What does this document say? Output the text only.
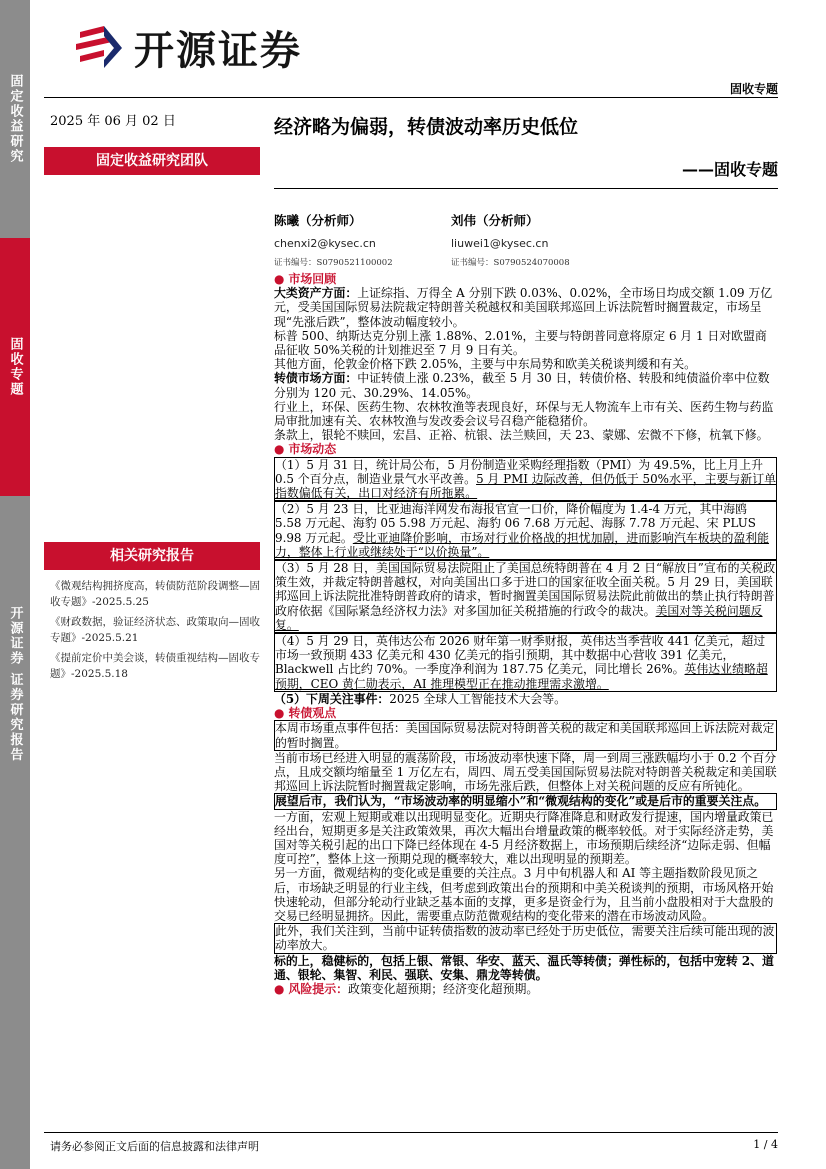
固定收益研究
固收专题
开源证券 证券研究报告
开源证券
固收专题
2025 年 06 月 02 日
固定收益研究团队
经济略为偏弱，转债波动率历史低位
——固收专题
陈曦（分析师）
chenxi2@kysec.cn
证书编号：S0790521100002
刘伟（分析师）
liuwei1@kysec.cn
证书编号：S0790524070008
相关研究报告

《微观结构拥挤度高，转债防范阶段调整—固收专题》-2025.5.25

《财政数据，验证经济状态、政策取向—固收专题》-2025.5.21

《提前定价中美会谈，转债重视结构—固收专题》-2025.5.18

● 市场回顾

大类资产方面：上证综指、万得全 A 分别下跌 0.03%、0.02%，全市场日均成交额 1.09 万亿元，受美国国际贸易法院裁定特朗普关税越权和美国联邦巡回上诉法院暂时搁置裁定，市场呈现“先涨后跌”，整体波动幅度较小。

标普 500、纳斯达克分别上涨 1.88%、2.01%，主要与特朗普同意将原定 6 月 1 日对欧盟商品征收 50%关税的计划推迟至 7 月 9 日有关。

其他方面，伦敦金价格下跌 2.05%，主要与中东局势和欧美关税谈判缓和有关。

转债市场方面：中证转债上涨 0.23%，截至 5 月 30 日，转债价格、转股和纯债溢价率中位数分别为 120 元、30.29%、14.05%。

行业上，环保、医药生物、农林牧渔等表现良好，环保与无人物流车上市有关、医药生物与药监局审批加速有关、农林牧渔与发改委会议号召稳产能稳猪价。

条款上，银轮不赎回，宏昌、正裕、杭银、法兰赎回，天 23、蒙娜、宏微不下修，杭氧下修。

● 市场动态

（1）5 月 31 日，统计局公布，5 月份制造业采购经理指数（PMI）为 49.5%，比上月上升 0.5 个百分点，制造业景气水平改善。5 月 PMI 边际改善，但仍低于 50%水平，主要与新订单指数偏低有关，出口对经济有所拖累。
（2）5 月 23 日，比亚迪海洋网发布海报官宣一口价，降价幅度为 1.4-4 万元，其中海鸥 5.58 万元起、海豹 05 5.98 万元起、海豹 06 7.68 万元起、海豚 7.78 万元起、宋 PLUS 9.98 万元起。受比亚迪降价影响，市场对行业价格战的担忧加剧，进而影响汽车板块的盈利能力，整体上行业或继续处于“以价换量”。
（3）5 月 28 日，美国国际贸易法院阻止了美国总统特朗普在 4 月 2 日“解放日”宣布的关税政策生效，并裁定特朗普越权，对向美国出口多于进口的国家征收全面关税。5 月 29 日，美国联邦巡回上诉法院批准特朗普政府的请求，暂时搁置美国国际贸易法院此前做出的禁止执行特朗普政府依据《国际紧急经济权力法》对多国加征关税措施的行政令的裁决。美国对等关税问题反复。
（4）5 月 29 日，英伟达公布 2026 财年第一财季财报，英伟达当季营收 441 亿美元，超过市场一致预期 433 亿美元和 430 亿美元的指引预期，其中数据中心营收 391 亿美元，Blackwell 占比约 70%。一季度净利润为 187.75 亿美元，同比增长 26%。英伟达业绩略超预期，CEO 黄仁勋表示，AI 推理模型正在推动推理需求激增。

（5）下周关注事件：2025 全球人工智能技术大会等。

● 转债观点

本周市场重点事件包括：美国国际贸易法院对特朗普关税的裁定和美国联邦巡回上诉法院对裁定的暂时搁置。

当前市场已经进入明显的震荡阶段，市场波动率快速下降，周一到周三涨跌幅均小于 0.2 个百分点，且成交额均缩量至 1 万亿左右，周四、周五受美国国际贸易法院对特朗普关税裁定和美国联邦巡回上诉法院暂时搁置裁定影响，市场先涨后跌，但整体上对关税问题的反应有所钝化。

展望后市，我们认为，“市场波动率的明显缩小”和“微观结构的变化”或是后市的重要关注点。

一方面，宏观上短期或难以出现明显变化。近期央行降准降息和财政发行提速，国内增量政策已经出台，短期更多是关注政策效果，再次大幅出台增量政策的概率较低。对于实际经济走势，美国对等关税引起的出口下降已经体现在 4-5 月经济数据上，市场预期后续经济“边际走弱、但幅度可控”，整体上这一预期兑现的概率较大，难以出现明显的预期差。

另一方面，微观结构的变化或是重要的关注点。3 月中旬机器人和 AI 等主题指数阶段见顶之后，市场缺乏明显的行业主线，但考虑到政策出台的预期和中美关税谈判的预期，市场风格开始快速轮动，但部分轮动行业缺乏基本面的支撑，更多是资金行为，且当前小盘股相对于大盘股的交易已经明显拥挤。因此，需要重点防范微观结构的变化带来的潜在市场波动风险。

此外，我们关注到，当前中证转债指数的波动率已经处于历史低位，需要关注后续可能出现的波动率放大。

标的上，稳健标的，包括上银、常银、华安、蓝天、温氏等转债；弹性标的，包括中宠转 2、道通、银轮、集智、利民、强联、安集、鼎龙等转债。

● 风险提示：政策变化超预期；经济变化超预期。

请务必参阅正文后面的信息披露和法律声明	1 / 4
